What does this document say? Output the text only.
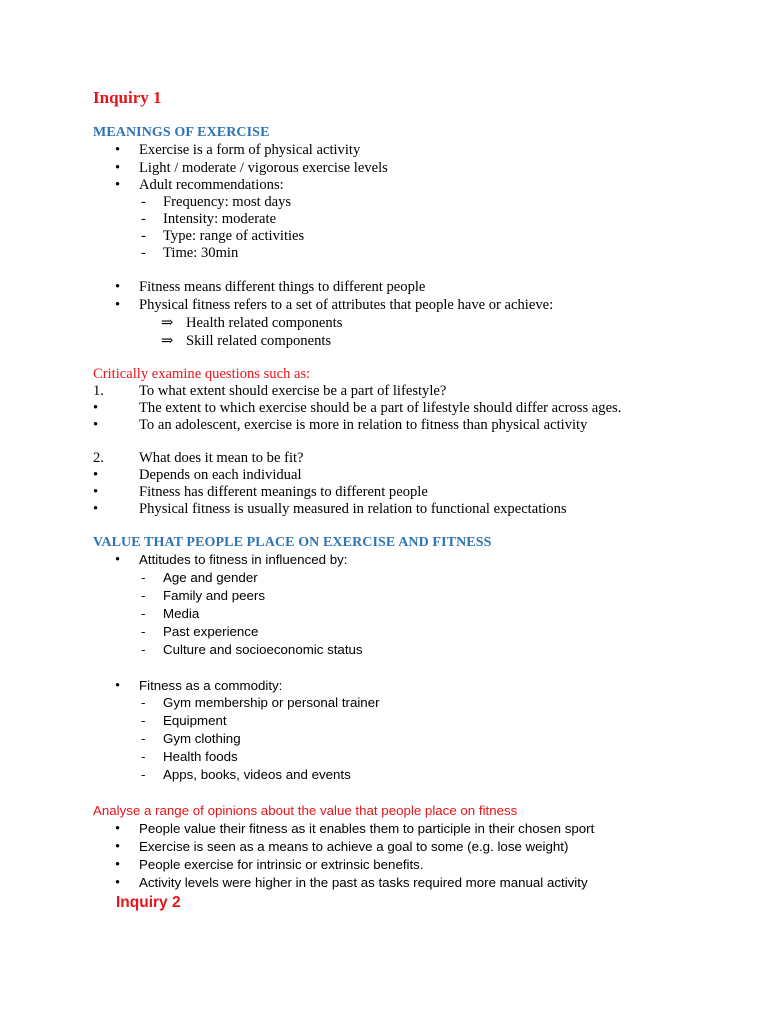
Inquiry 1
MEANINGS OF EXERCISE
• Exercise is a form of physical activity
• Light / moderate / vigorous exercise levels
• Adult recommendations:
- Frequency: most days
- Intensity: moderate
- Type: range of activities
- Time: 30min
• Fitness means different things to different people
• Physical fitness refers to a set of attributes that people have or achieve:
⇒ Health related components
⇒ Skill related components
Critically examine questions such as:
1. To what extent should exercise be a part of lifestyle?
•	The extent to which exercise should be a part of lifestyle should differ across ages.
•	To an adolescent, exercise is more in relation to fitness than physical activity
2. What does it mean to be fit?
•	Depends on each individual
•	Fitness has different meanings to different people
•	Physical fitness is usually measured in relation to functional expectations
VALUE THAT PEOPLE PLACE ON EXERCISE AND FITNESS
• Attitudes to fitness in influenced by:
- Age and gender
- Family and peers
- Media
- Past experience
- Culture and socioeconomic status
• Fitness as a commodity:
- Gym membership or personal trainer
- Equipment
- Gym clothing
- Health foods
- Apps, books, videos and events
Analyse a range of opinions about the value that people place on fitness
• People value their fitness as it enables them to participle in their chosen sport
• Exercise is seen as a means to achieve a goal to some (e.g. lose weight)
• People exercise for intrinsic or extrinsic benefits.
• Activity levels were higher in the past as tasks required more manual activity
Inquiry 2
